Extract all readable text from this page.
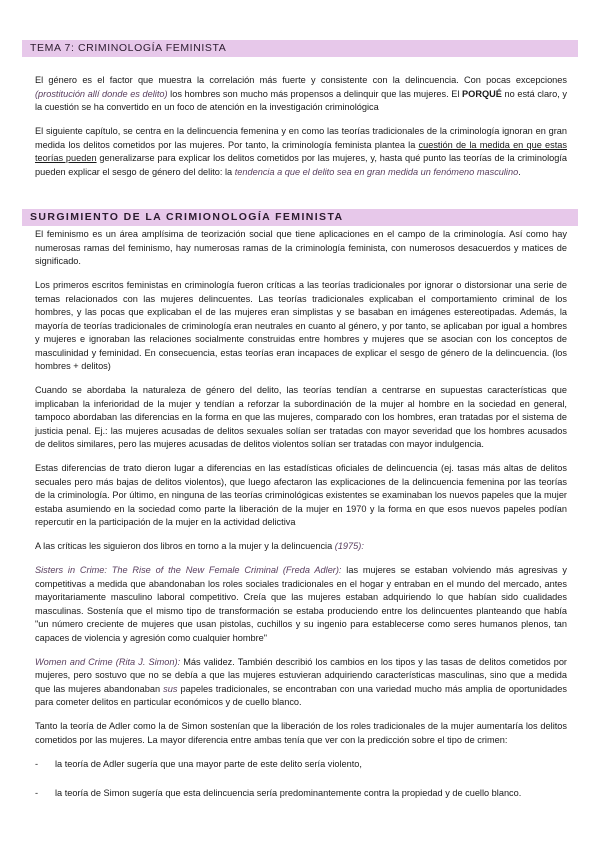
TEMA 7: CRIMINOLOGÍA FEMINISTA

El género es el factor que muestra la correlación más fuerte y consistente con la delincuencia. Con pocas excepciones (prostitución allí donde es delito) los hombres son mucho más propensos a delinquir que las mujeres. El PORQUÉ no está claro, y la cuestión se ha convertido en un foco de atención en la investigación criminológica

El siguiente capítulo, se centra en la delincuencia femenina y en como las teorías tradicionales de la criminología ignoran en gran medida los delitos cometidos por las mujeres. Por tanto, la criminología feminista plantea la cuestión de la medida en que estas teorías pueden generalizarse para explicar los delitos cometidos por las mujeres, y, hasta qué punto las teorías de la criminología pueden explicar el sesgo de género del delito: la tendencia a que el delito sea en gran medida un fenómeno masculino.

SURGIMIENTO DE LA CRIMIONOLOGÍA FEMINISTA

El feminismo es un área amplísima de teorización social que tiene aplicaciones en el campo de la criminología. Así como hay numerosas ramas del feminismo, hay numerosas ramas de la criminología feminista, con numerosos desacuerdos y matices de significado.

Los primeros escritos feministas en criminología fueron críticas a las teorías tradicionales por ignorar o distorsionar una serie de temas relacionados con las mujeres delincuentes. Las teorías tradicionales explicaban el comportamiento criminal de los hombres, y las pocas que explicaban el de las mujeres eran simplistas y se basaban en imágenes estereotipadas. Además, la mayoría de teorías tradicionales de criminología eran neutrales en cuanto al género, y por tanto, se aplicaban por igual a hombres y mujeres e ignoraban las relaciones socialmente construidas entre hombres y mujeres que se asocian con los conceptos de masculinidad y feminidad. En consecuencia, estas teorías eran incapaces de explicar el sesgo de género de la delincuencia. (los hombres + delitos)

Cuando se abordaba la naturaleza de género del delito, las teorías tendían a centrarse en supuestas características que implicaban la inferioridad de la mujer y tendían a reforzar la subordinación de la mujer al hombre en la sociedad en general, tampoco abordaban las diferencias en la forma en que las mujeres, comparado con los hombres, eran tratadas por el sistema de justicia penal. Ej.: las mujeres acusadas de delitos sexuales solían ser tratadas con mayor severidad que los hombres acusados de delitos similares, pero las mujeres acusadas de delitos violentos solían ser tratadas con mayor indulgencia.

Estas diferencias de trato dieron lugar a diferencias en las estadísticas oficiales de delincuencia (ej. tasas más altas de delitos secuales pero más bajas de delitos violentos), que luego afectaron las explicaciones de la delincuencia femenina por las teorías de la criminología. Por último, en ninguna de las teorías criminológicas existentes se examinaban los nuevos papeles que la mujer estaba asumiendo en la sociedad como parte la liberación de la mujer en 1970 y la forma en que esos nuevos papeles podían repercutir en la participación de la mujer en la actividad delictiva

A las críticas les siguieron dos libros en torno a la mujer y la delincuencia (1975):

Sisters in Crime: The Rise of the New Female Criminal (Freda Adler): las mujeres se estaban volviendo más agresivas y competitivas a medida que abandonaban los roles sociales tradicionales en el hogar y entraban en el mundo del mercado, antes mayoritariamente masculino laboral competitivo. Creía que las mujeres estaban adquiriendo lo que habían sido cualidades masculinas. Sostenía que el mismo tipo de transformación se estaba produciendo entre los delincuentes planteando que había "un número creciente de mujeres que usan pistolas, cuchillos y su ingenio para establecerse como seres humanos plenos, tan capaces de violencia y agresión como cualquier hombre"

Women and Crime (Rita J. Simon): Más validez. También describió los cambios en los tipos y las tasas de delitos cometidos por mujeres, pero sostuvo que no se debía a que las mujeres estuvieran adquiriendo características masculinas, sino que a medida que las mujeres abandonaban sus papeles tradicionales, se encontraban con una variedad mucho más amplia de oportunidades para cometer delitos en particular económicos y de cuello blanco.

Tanto la teoría de Adler como la de Simon sostenían que la liberación de los roles tradicionales de la mujer aumentaría los delitos cometidos por las mujeres. La mayor diferencia entre ambas tenía que ver con la predicción sobre el tipo de crimen:

- la teoría de Adler sugería que una mayor parte de este delito sería violento,
- la teoría de Simon sugería que esta delincuencia sería predominantemente contra la propiedad y de cuello blanco.
